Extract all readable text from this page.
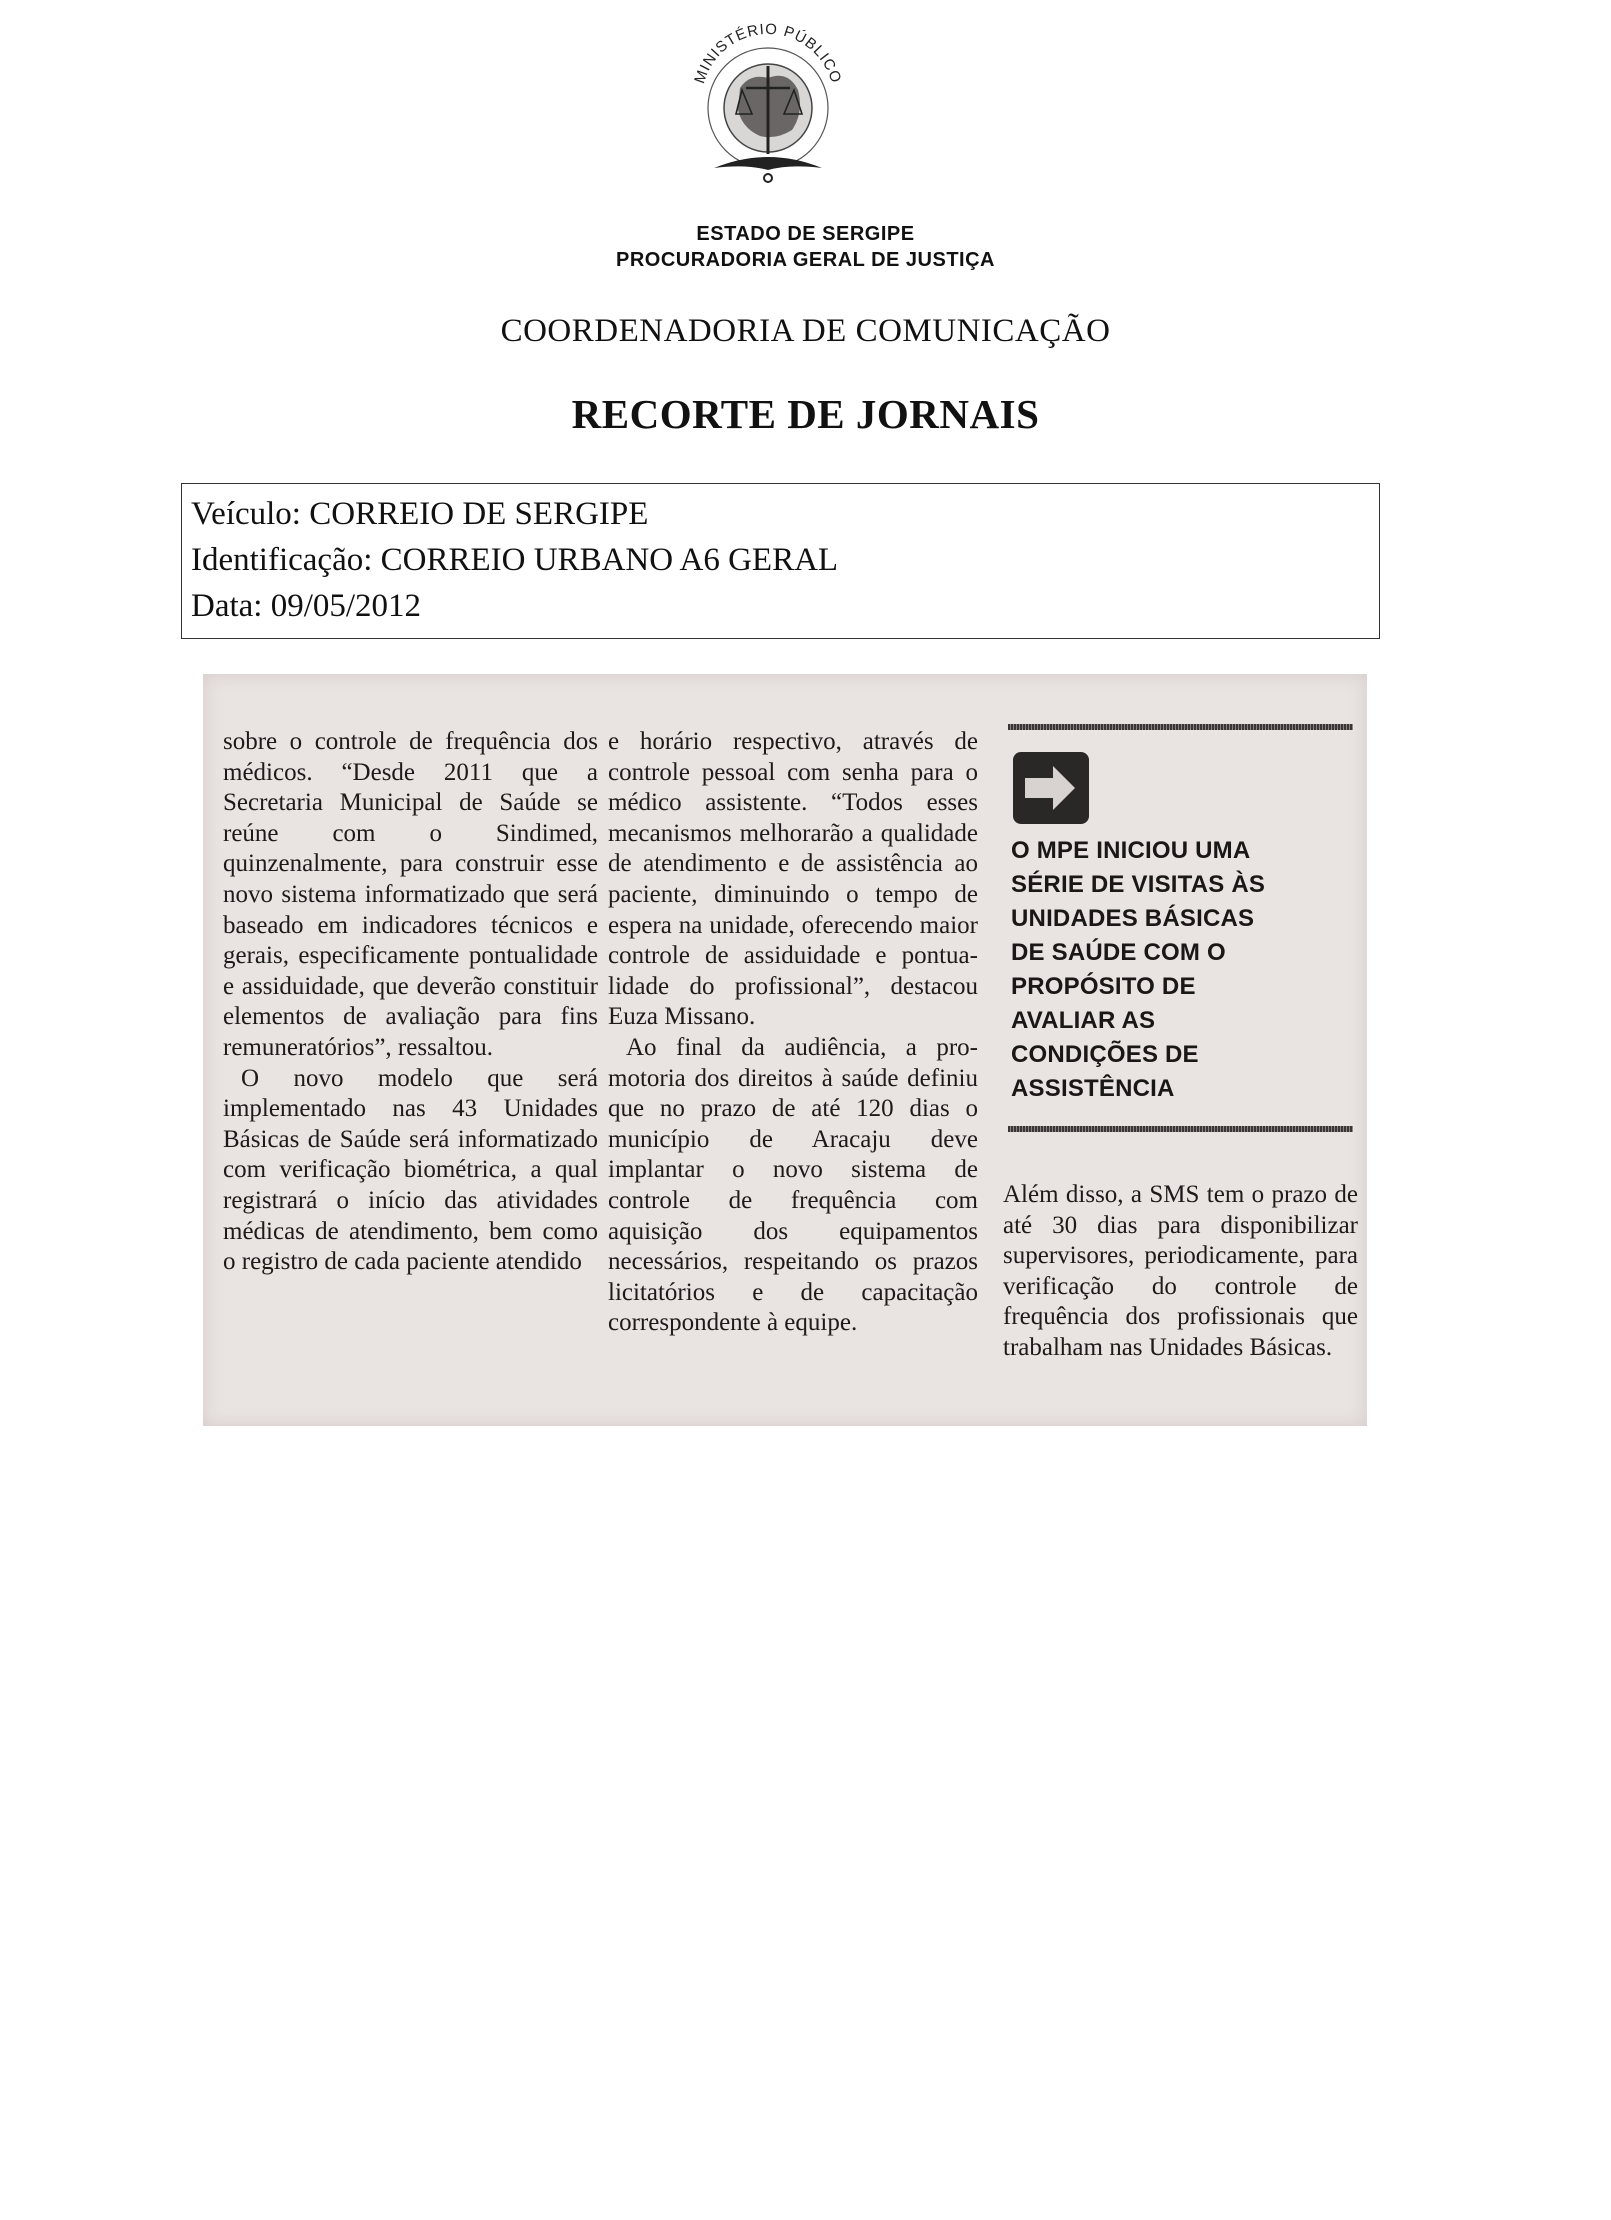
MINISTÉRIO PÚBLICO
ESTADO DE SERGIPE
PROCURADORIA GERAL DE JUSTIÇA
COORDENADORIA DE COMUNICAÇÃO
RECORTE DE JORNAIS
Veículo: CORREIO DE SERGIPE
Identificação: CORREIO URBANO A6 GERAL
Data: 09/05/2012

sobre o controle de frequência dos médicos. “Desde 2011 que a Secretaria Municipal de Saúde se reúne com o Sindimed, quinzenalmente, para construir esse novo sistema informatizado que será baseado em indicadores técnicos e gerais, especificamente pontualidade e assiduidade, que deverão constituir elementos de avaliação para fins remuneratórios”, ressaltou.

O novo modelo que será implementado nas 43 Unidades Básicas de Saúde será informatizado com verificação biométrica, a qual registrará o início das atividades médicas de atendimento, bem como o registro de cada paciente atendido

e horário respectivo, através de controle pessoal com senha para o médico assistente. “Todos esses mecanismos melhorarão a qualidade de atendimento e de assistência ao paciente, diminuindo o tempo de espera na unidade, oferecendo maior controle de assiduidade e pontualidade do profissional”, destacou Euza Missano.

Ao final da audiência, a promotoria dos direitos à saúde definiu que no prazo de até 120 dias o município de Aracaju deve implantar o novo sistema de controle de frequência com aquisição dos equipamentos necessários, respeitando os prazos licitatórios e de capacitação correspondente à equipe.

O MPE INICIOU UMA
SÉRIE DE VISITAS ÀS
UNIDADES BÁSICAS
DE SAÚDE COM O
PROPÓSITO DE
AVALIAR AS
CONDIÇÕES DE
ASSISTÊNCIA

Além disso, a SMS tem o prazo de até 30 dias para disponibilizar supervisores, periodicamente, para verificação do controle de frequência dos profissionais que trabalham nas Unidades Básicas.
